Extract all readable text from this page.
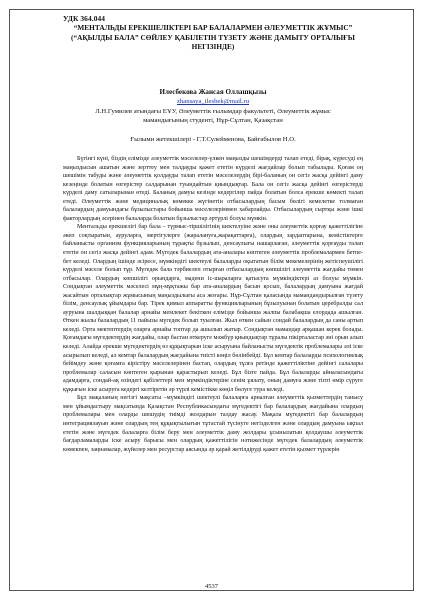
УДК 364.044
“МЕНТАЛЬДЫ ЕРЕКШЕЛІКТЕРІ БАР БАЛАЛАРМЕН ӘЛЕУМЕТТІК ЖҰМЫС” (“АҚЫЛДЫ БАЛА” СӨЙЛЕУ ҚАБІЛЕТІН ТҮЗЕТУ ЖӘНЕ ДАМЫТУ ОРТАЛЫҒЫ НЕГІЗІНДЕ)
Илесбекова Жансая Оллашқызы
zhansaya_ilesbek@mail.ru
Л.Н.Гумилев атындағы ЕҰУ, Әлеуметтік ғылымдар факультеті, Әлеуметтік жұмыс
мамандығының студенті, Нұр-Сұлтан, Қазақстан
Ғылыми жетекшілері - Г.Т.Сулейменова, Байғабылов Н.О.

Бүгінгі күні, бiздiң елiмiздe әлeумeттiк мәселелер-үлкен маңызды шешімдерді талап етеді, бірақ, күресуді ең маңыздысын ашатын және зерттеу мен талдауды қажет ететін күрделі жағдайлар болып табылады. Қоғам оң шешімін табуды және әлеуметтік қолдауды талап ететін мәселелердің бірі-баланың он сегіз жасқа дейінгі даму кезеңінде болатын өзгерістер салдарынан туындайтын қиындықтар. Бала он сегіз жасқа дейінгі өзгерістерді күрделі даму сатыларынан өтеді. Баланың дамуы кезінде кедергілер пайда болатын болса ерекше көмекті талап етеді. Әлеуметтік және медициналық көмекке жүгінетін отбасылардың басым бөлігі кемелетке толмаған балалардың дамуындағы бұзылыстары бойынша мәселелеріммен хабарлайды. Отбасылардың сыртқы және ішкі факторлардың әсерінен балаларда болатын бұзылыстар әртүрлі болуы мүмкін.

Ментальды ерекшелігі бар бала – түрмыс-тіршілігінің шектелуіне және оны әлеуметтік қорғау қажеттілігіне әкеп соқтыратын, ауруларға, мертігулерге (жаралануға,жарақаттарға), олардың зардаптарына, кемістіктерге байланысты организм функцияларының тұрақты бұзылып, денсаулығы нашарлаған, әлеуметтік қорғауды талап ететін он сегіз жасқа дейінгі адам. Мүгедек балалардың ата-аналары көптеген әлеуметтік проблемалармен бетпе-бет келеді. Олардың ішінде әсіресе, мүмкіндігі шектеулі балаларды оқытатын білім мекемелерінің жетіспеушілігі күрделі мәселе болып тұр. Мүгедек бала тәрбиелеп отырған отбасылардың көпшілігі әлеуметтік жағдайы төмен отбасылар. Олардың көпшілігі орындарға, мадени іс-шараларға қатысуға мүмкіндіктері аз болуы мүмкін. Сондықтан әлеуметтік мәселесі мұң-мұқтажы бар ата-аналардың басын қосып, балалардың дамуына жағдай жасайтын орталықтар жұмысының маңыздылығы аса жоғары. Нұр-Сұлтан қаласында мамандандырылған түзету білім, денсаулық ұйымдары бар. Тірек қимыл аппаратты функциялырының бұзылуынан болатын церебралды сал ауруына шалдыққан балалар арнайы мемлекет бекіткен елімізде бойынша жалпы балабақша елордада ашылған. Өткен жылы балалардың 11 пайызы мүгедек болып туылған. Жыл өткен сайын сондай балалардың да саны артып келеді. Орта мектептердің оларға арнайы топтар да ашылып жатыр. Сондықтан мамандар арқашан керек болады. Қоғамдағы мүгедектердің жағдайы, олар бастан өткеруге мәжбүр қиындықтар тұралы пікірталастар әні орын алып келеді. Алайда ерекше мүгедектердің өз құқықтарын іске асыруына байланысты мүгедектік проблемалары әлі іске асырылып келеді, ал кемтар балалардың жағдайына тиісті көңіл бөлінбейді. Бұл кемтар балаларды психологиялық бейімдеу және қоғамға кірістіру мәселелерінен бастап, олардың тұлға ретінде қажеттіліктіне дейінгі салалары проблемалар саласын көптеген қырынан қарастырып келеді. Бұл бізге пайда. Бұл балаларды айналасындағы адамдарға, сондай-ақ өзіндегі қабілеттері мен мүмкіндіктеріне сенім ұялату, оның дамуға және тіпті өмір сүруге құқығын іске асыруға кедергі келтіретін әр түрлі кемістікке көңіл бөлуге тура келеді.

Бұл мақаланың негізгі мақсаты –мүмкіндігі шектеулі балаларға арналған әлеуметтік қызметтердің танысу мен ұйымдастыру мақсатында Қазақстан Республикасындағы мүгедектігі бар балалардың жағдайына олардың проблемалары мен оларды шешудің тиімді жолдарын талдау жасау. Мақала мүгедектігі бар балалардың интеграциялауын және олардың тең құқықтылығын тұтастай түсінуге негізделген және олардың дамуына ықпал ететін және мүгедек балаларға білім беру мен әлеуметтік даму жолдары ұсынылатын қолдаушы әлеуметтік бағдарламаларды іске асыру барысы мен олардың қажеттілігін нәтижесінде мүгедек балалардың әлеуметтік көмекпен, заңнамалар, жүйелер мен ресурстар аясында әр қарай жетілдіруді қажет ететін қызмет түрлерін

4537
